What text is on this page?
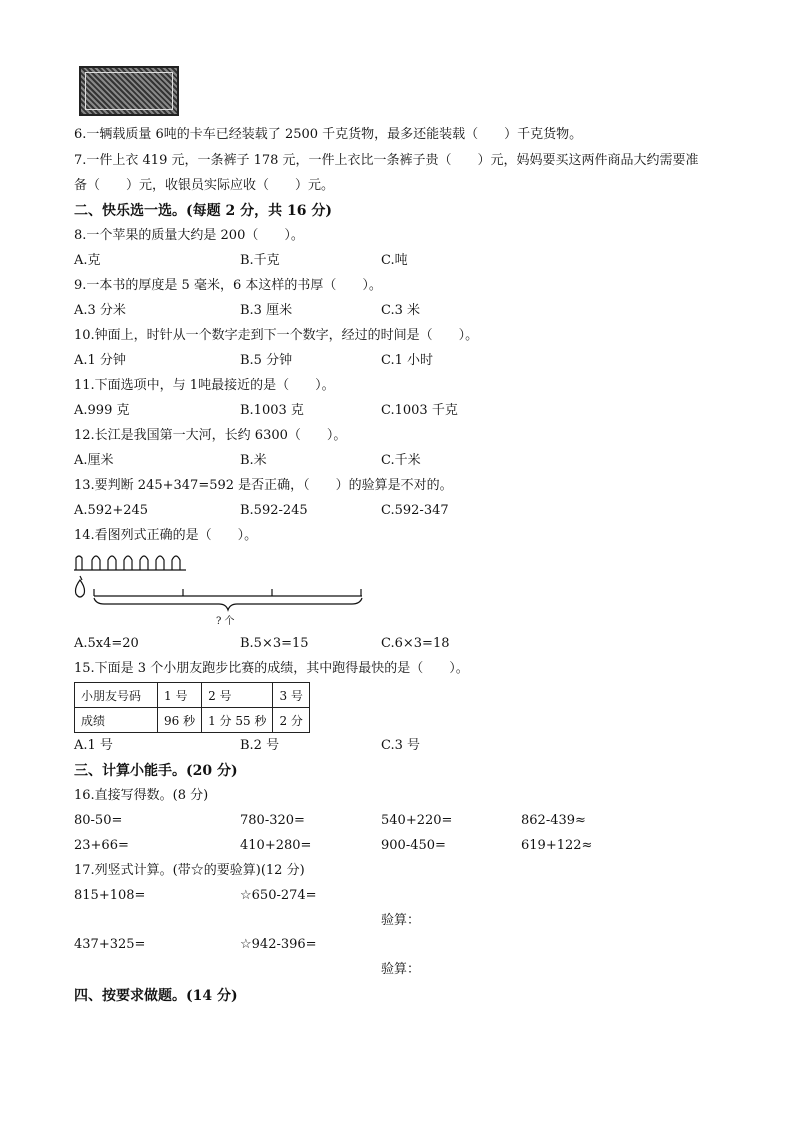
6.一辆载质量 6吨的卡车已经装载了 2500 千克货物，最多还能装载（　　）千克货物。
7.一件上衣 419 元，一条裤子 178 元，一件上衣比一条裤子贵（　　）元，妈妈要买这两件商品大约需要准
备（　　）元，收银员实际应收（　　）元。
二、快乐选一选。(每题 2 分，共 16 分)
8.一个苹果的质量大约是 200（　　）。
A.克	B.千克	C.吨
9.一本书的厚度是 5 毫米，6 本这样的书厚（　　）。
A.3 分米	B.3 厘米	C.3 米
10.钟面上，时针从一个数字走到下一个数字，经过的时间是（　　）。
A.1 分钟	B.5 分钟	C.1 小时
11.下面选项中，与 1吨最接近的是（　　）。
A.999 克	B.1003 克	C.1003 千克
12.长江是我国第一大河，长约 6300（　　）。
A.厘米	B.米	C.千米
13.要判断 245+347=592 是否正确，（　　）的验算是不对的。
A.592+245	B.592-245	C.592-347
14.看图列式正确的是（　　）。
? 个
A.5x4=20	B.5×3=15	C.6×3=18
15.下面是 3 个小朋友跑步比赛的成绩，其中跑得最快的是（　　）。
小朋友号码	1 号	2 号	3 号
成绩	96 秒	1 分 55 秒	2 分
A.1 号	B.2 号	C.3 号
三、计算小能手。(20 分)
16.直接写得数。(8 分)
80-50=	780-320=	540+220=	862-439≈
23+66=	410+280=	900-450=	619+122≈
17.列竖式计算。(带☆的要验算)(12 分)
815+108=	☆650-274=
验算：
437+325=	☆942-396=
验算：
四、按要求做题。(14 分)
